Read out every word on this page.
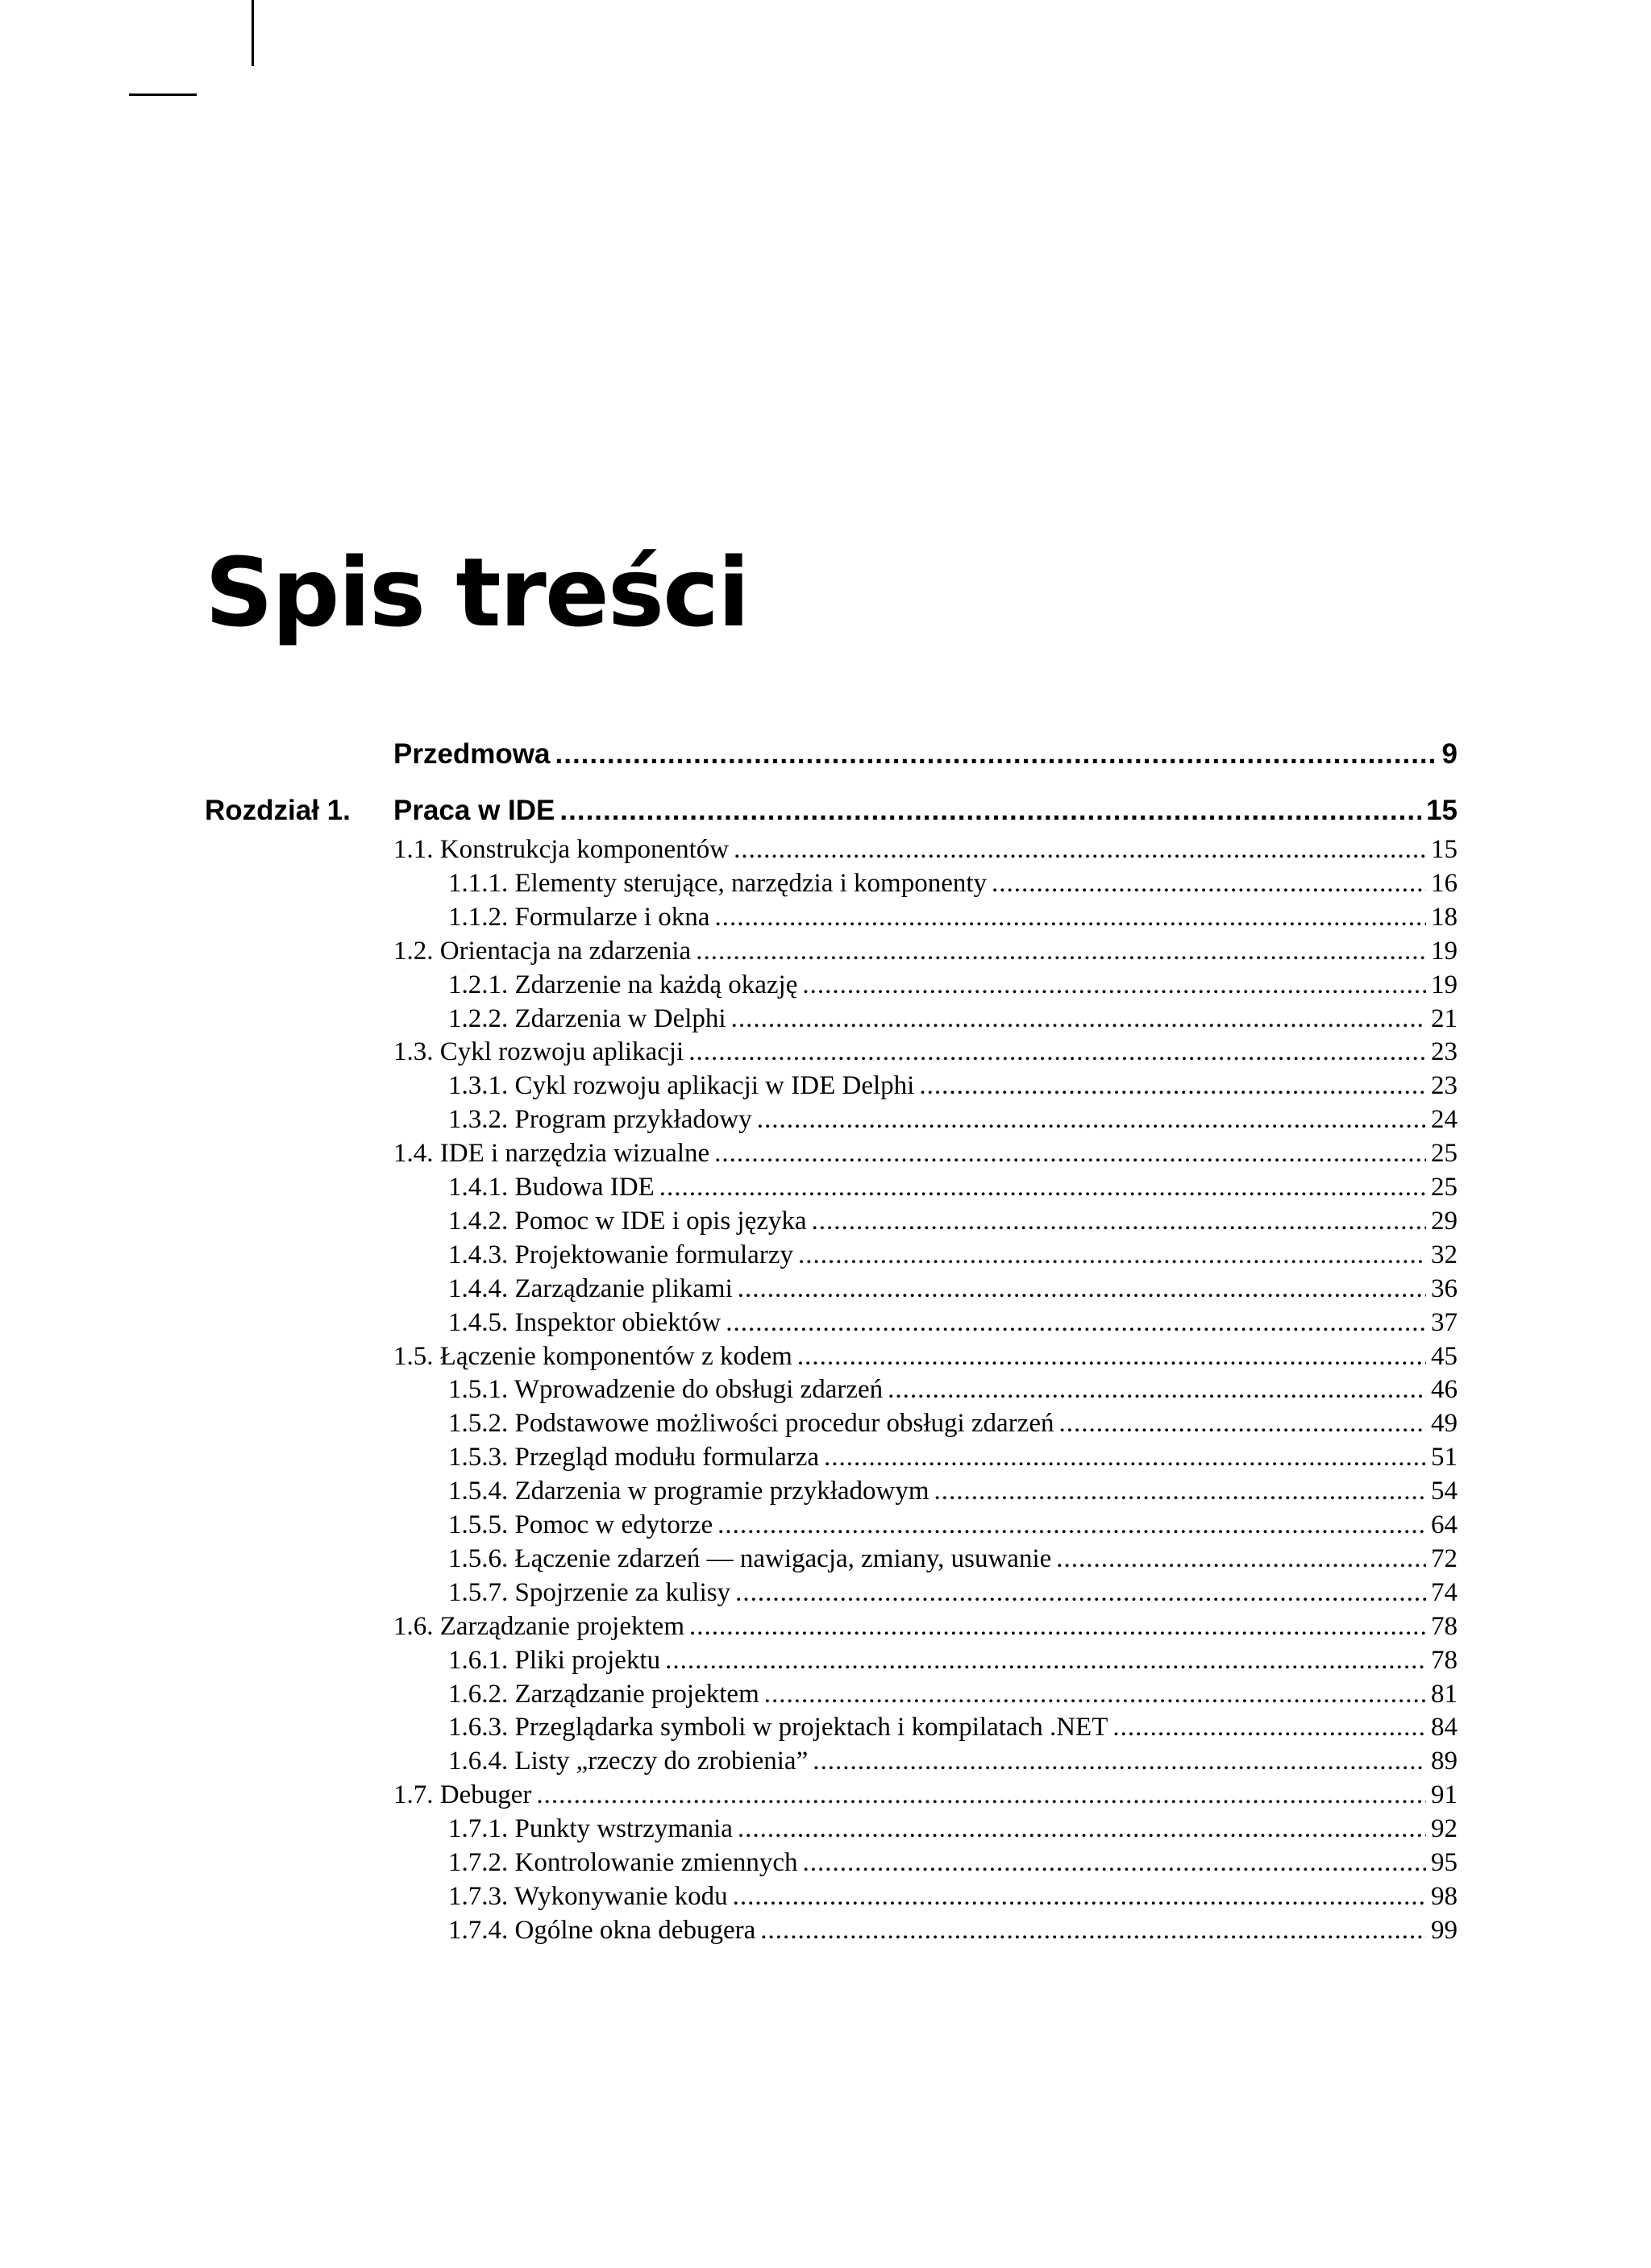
Spis treści
Przedmowa .....	9
Rozdział 1. Praca w IDE .....	15
1.1. Konstrukcja komponentów .....	15
1.1.1. Elementy sterujące, narzędzia i komponenty .....	16
1.1.2. Formularze i okna .....	18
1.2. Orientacja na zdarzenia .....	19
1.2.1. Zdarzenie na każdą okazję .....	19
1.2.2. Zdarzenia w Delphi .....	21
1.3. Cykl rozwoju aplikacji .....	23
1.3.1. Cykl rozwoju aplikacji w IDE Delphi .....	23
1.3.2. Program przykładowy .....	24
1.4. IDE i narzędzia wizualne .....	25
1.4.1. Budowa IDE .....	25
1.4.2. Pomoc w IDE i opis języka .....	29
1.4.3. Projektowanie formularzy .....	32
1.4.4. Zarządzanie plikami .....	36
1.4.5. Inspektor obiektów .....	37
1.5. Łączenie komponentów z kodem .....	45
1.5.1. Wprowadzenie do obsługi zdarzeń .....	46
1.5.2. Podstawowe możliwości procedur obsługi zdarzeń .....	49
1.5.3. Przegląd modułu formularza .....	51
1.5.4. Zdarzenia w programie przykładowym .....	54
1.5.5. Pomoc w edytorze .....	64
1.5.6. Łączenie zdarzeń — nawigacja, zmiany, usuwanie .....	72
1.5.7. Spojrzenie za kulisy .....	74
1.6. Zarządzanie projektem .....	78
1.6.1. Pliki projektu .....	78
1.6.2. Zarządzanie projektem .....	81
1.6.3. Przeglądarka symboli w projektach i kompilatach .NET .....	84
1.6.4. Listy „rzeczy do zrobienia” .....	89
1.7. Debuger .....	91
1.7.1. Punkty wstrzymania .....	92
1.7.2. Kontrolowanie zmiennych .....	95
1.7.3. Wykonywanie kodu .....	98
1.7.4. Ogólne okna debugera .....	99
